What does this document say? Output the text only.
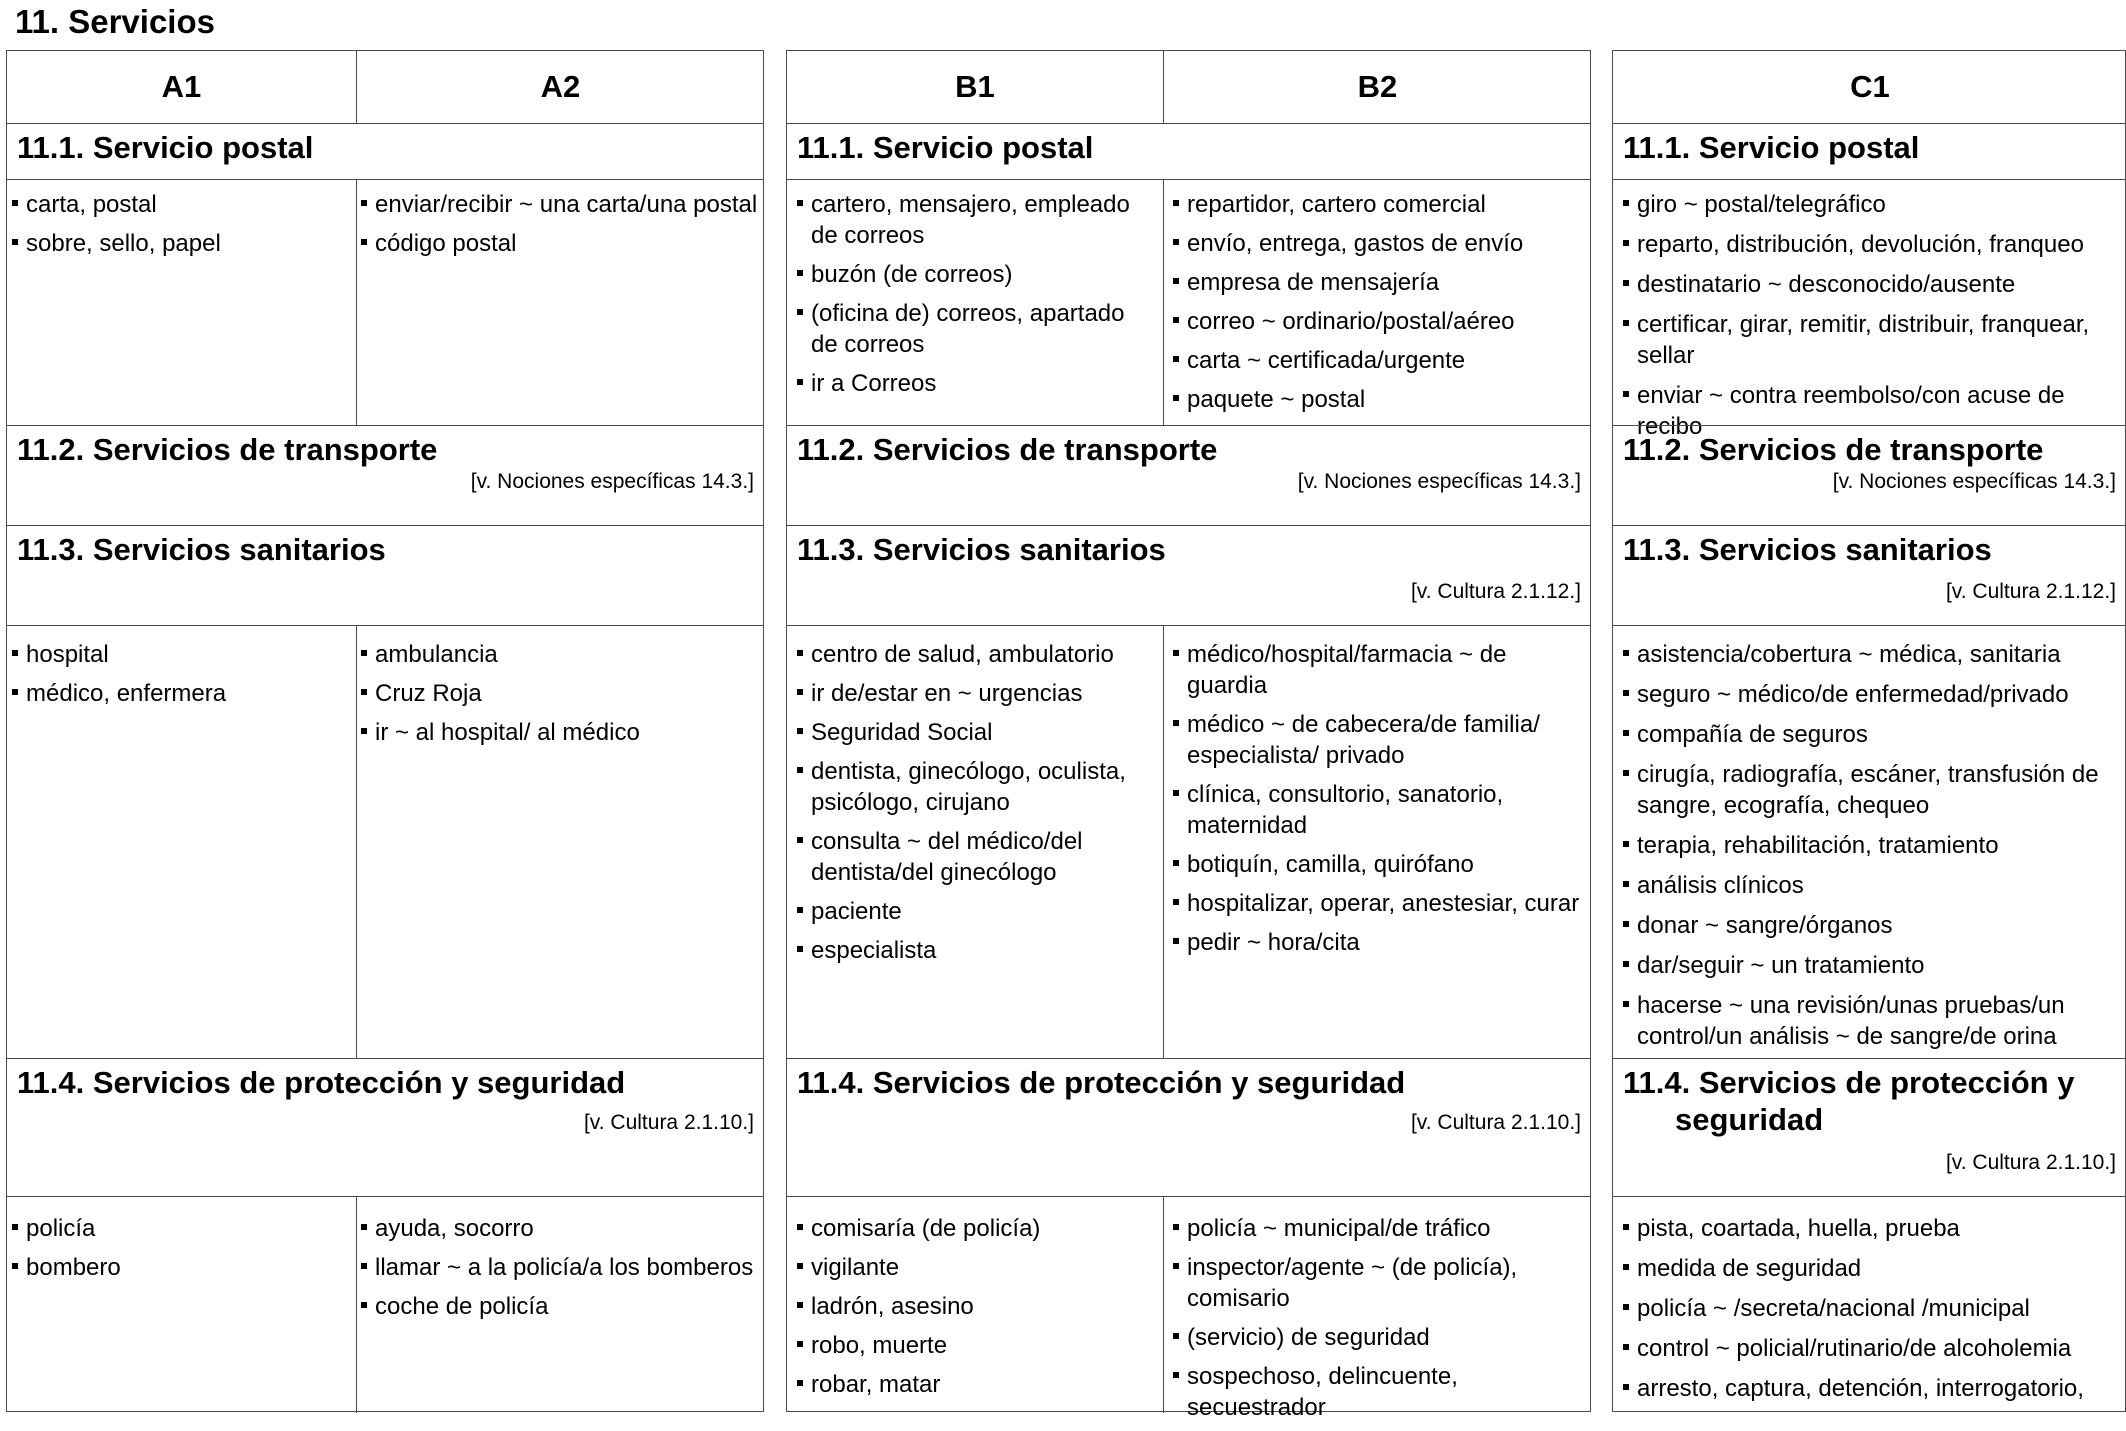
11. Servicios
A1	A2
11.1. Servicio postal
carta, postal
sobre, sello, papel
enviar/recibir ~ una carta/una postal
código postal
11.2. Servicios de transporte
[v. Nociones específicas 14.3.]
11.3. Servicios sanitarios
hospital
médico, enfermera
ambulancia
Cruz Roja
ir ~ al hospital/ al médico
11.4. Servicios de protección y seguridad
[v. Cultura 2.1.10.]
policía
bombero
ayuda, socorro
llamar ~ a la policía/a los bomberos
coche de policía
B1	B2
11.1. Servicio postal
cartero, mensajero, empleado de correos
buzón (de correos)
(oficina de) correos, apartado de correos
ir a Correos
repartidor, cartero comercial
envío, entrega, gastos de envío
empresa de mensajería
correo ~ ordinario/postal/aéreo
carta ~ certificada/urgente
paquete ~ postal
11.2. Servicios de transporte
[v. Nociones específicas 14.3.]
11.3. Servicios sanitarios
[v. Cultura 2.1.12.]
centro de salud, ambulatorio
ir de/estar en ~ urgencias
Seguridad Social
dentista, ginecólogo, oculista, psicólogo, cirujano
consulta ~ del médico/del dentista/del ginecólogo
paciente
especialista
médico/hospital/farmacia ~ de guardia
médico ~ de cabecera/de familia/ especialista/ privado
clínica, consultorio, sanatorio, maternidad
botiquín, camilla, quirófano
hospitalizar, operar, anestesiar, curar
pedir ~ hora/cita
11.4. Servicios de protección y seguridad
[v. Cultura 2.1.10.]
comisaría (de policía)
vigilante
ladrón, asesino
robo, muerte
robar, matar
policía ~ municipal/de tráfico
inspector/agente ~ (de policía), comisario
(servicio) de seguridad
sospechoso, delincuente, secuestrador
C1
11.1. Servicio postal
giro ~ postal/telegráfico
reparto, distribución, devolución, franqueo
destinatario ~ desconocido/ausente
certificar, girar, remitir, distribuir, franquear, sellar
enviar ~ contra reembolso/con acuse de recibo
11.2. Servicios de transporte
[v. Nociones específicas 14.3.]
11.3. Servicios sanitarios
[v. Cultura 2.1.12.]
asistencia/cobertura ~ médica, sanitaria
seguro ~ médico/de enfermedad/privado
compañía de seguros
cirugía, radiografía, escáner, transfusión de sangre, ecografía, chequeo
terapia, rehabilitación, tratamiento
análisis clínicos
donar ~ sangre/órganos
dar/seguir ~ un tratamiento
hacerse ~ una revisión/unas pruebas/un control/un análisis ~ de sangre/de orina
11.4. Servicios de protección y
seguridad
[v. Cultura 2.1.10.]
pista, coartada, huella, prueba
medida de seguridad
policía ~ /secreta/nacional /municipal
control ~ policial/rutinario/de alcoholemia
arresto, captura, detención, interrogatorio,
